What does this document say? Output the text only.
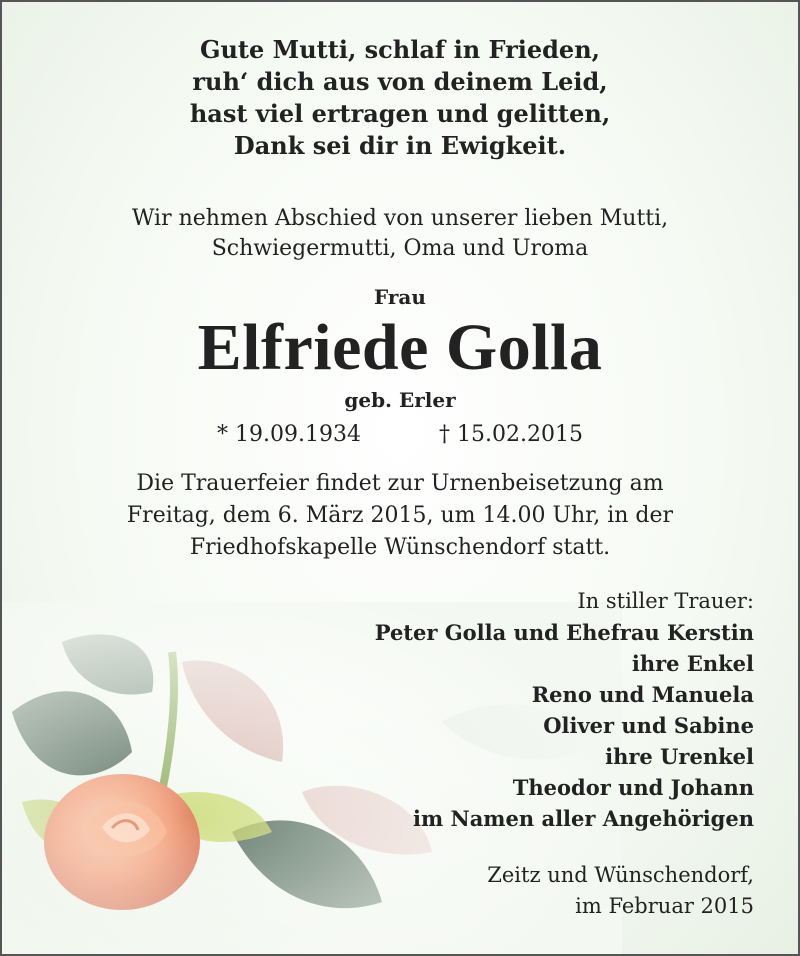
Gute Mutti, schlaf in Frieden,
ruh‘ dich aus von deinem Leid,
hast viel ertragen und gelitten,
Dank sei dir in Ewigkeit.
Wir nehmen Abschied von unserer lieben Mutti,
Schwiegermutti, Oma und Uroma
Frau
Elfriede Golla
geb. Erler
* 19.09.1934	† 15.02.2015
Die Trauerfeier findet zur Urnenbeisetzung am
Freitag, dem 6. März 2015, um 14.00 Uhr, in der
Friedhofskapelle Wünschendorf statt.
In stiller Trauer:
Peter Golla und Ehefrau Kerstin
ihre Enkel
Reno und Manuela
Oliver und Sabine
ihre Urenkel
Theodor und Johann
im Namen aller Angehörigen
Zeitz und Wünschendorf,
im Februar 2015
